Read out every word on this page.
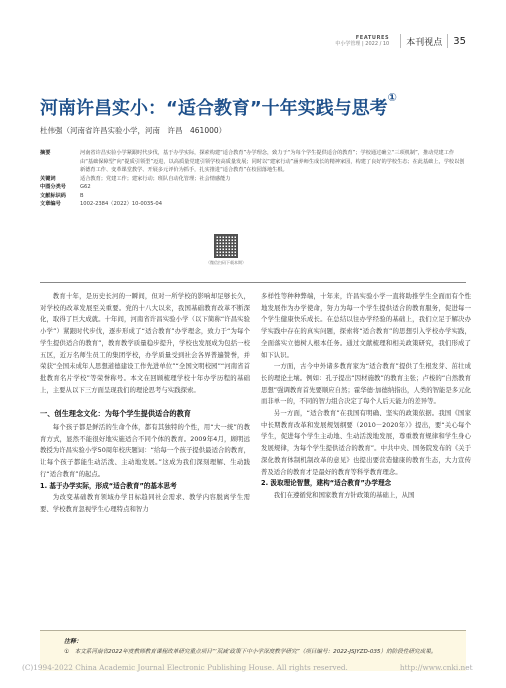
FEATURES
中小学管理 | 2022 / 10 本刊视点 35
河南许昌实小：“适合教育”十年实践与思考①
杜伟强（河南省许昌实验小学，河南　许昌　461000）
摘要	河南省许昌实验小学紧跟时代步伐，基于办学实际，探索构建“适合教育”办学理念，致力于“为每个学生提供适合的教育”；学校通过确立“三项机制”，推动党建工作由“基础保障型”向“提质引领型”迈进，以高质量党建引领学校高质量发展；同时以“建家行动”涵养师生成长的精神家园，构建了良好的学校生态；在此基础上，学校以创新德育工作、变革课堂教学、开展多元评价为抓手，扎实推进“适合教育”在校园落地生根。
关键词	适合教育；党建工作；建家行动；班队自动化管理；社会情感能力
中图分类号	G62
文献标识码	B
文章编号	1002-2384（2022）10-0035-04
（微信扫码下载本期）

教育十年，是历史长河的一瞬间，但对一所学校的影响却足够长久，对学校的改革发展至关重要。党的十八大以来，我国基础教育改革不断深化，取得了巨大成就。十年间，河南省许昌实验小学（以下简称“许昌实验小学”）紧跟时代步伐，逐步形成了“适合教育”办学理念，致力于“为每个学生提供适合的教育”，教育教学质量稳步提升，学校也发展成为包括一校五区，近万名师生员工的集团学校，办学质量受到社会各界普遍赞誉，并荣获“全国未成年人思想道德建设工作先进单位”“全国文明校园”“河南省首批教育名片学校”等荣誉称号。本文在回顾梳理学校十年办学历程的基础上，主要从以下三方面呈现我们的理论思考与实践探索。

一、创生理念文化：为每个学生提供适合的教育

每个孩子都是鲜活的生命个体，都有其独特的个性，用“大一统”的教育方式，显然不能很好地实施适合不同个体的教育。2009年4月，顾明远教授为许昌实验小学50周年校庆题词：“给每一个孩子提供最适合的教育，让每个孩子都能生动活泼、主动地发展。”这成为我们深刻理解、生动践行“适合教育”的起点。

1. 基于办学实际，形成“适合教育”的基本思考

为改变基础教育领域办学目标趋同社会需求、教学内容脱离学生需要、学校教育忽视学生心理特点和智力

多样性等种种弊端，十年来，许昌实验小学一直将助推学生全面而有个性地发展作为办学使命，努力为每一个学生提供适合的教育服务，促进每一个学生健康快乐成长。在总结以往办学经验的基础上，我们立足于解决办学实践中存在的真实问题，探索将“适合教育”的思想引入学校办学实践，全面落实立德树人根本任务。通过文献梳理和相关政策研究，我们形成了如下认识。

一方面，古今中外诸多教育家为“适合教育”提供了生根发芽、茁壮成长的理论土壤。例如：孔子提出“因材施教”的教育主张；卢梭的“自然教育思想”强调教育首先要顺应自然；霍华德·加德纳指出，人类的智能是多元化而非单一的，不同的智力组合决定了每个人后天能力的差异等。

另一方面，“适合教育”在我国有明确、坚实的政策依据。我国《国家中长期教育改革和发展规划纲要（2010－2020年）》提出，要“关心每个学生，促进每个学生主动地、生动活泼地发展，尊重教育规律和学生身心发展规律，为每个学生提供适合的教育”。中共中央、国务院发布的《关于深化教育体制机制改革的意见》也提出要营造健康的教育生态，大力宣传普及适合的教育才是最好的教育等科学教育理念。

2. 汲取理论智慧，建构“适合教育”办学理念

我们在遵循党和国家教育方针政策的基础上，从国

注释：
①　本文系河南省2022年度教师教育课程改革研究重点项目“‘双减’政策下中小学深度教学研究”（项目编号：2022-JSJYZD-035）的阶段性研究成果。
(C)1994-2022 China Academic Journal Electronic Publishing House. All rights reserved.	http://www.cnki.net
